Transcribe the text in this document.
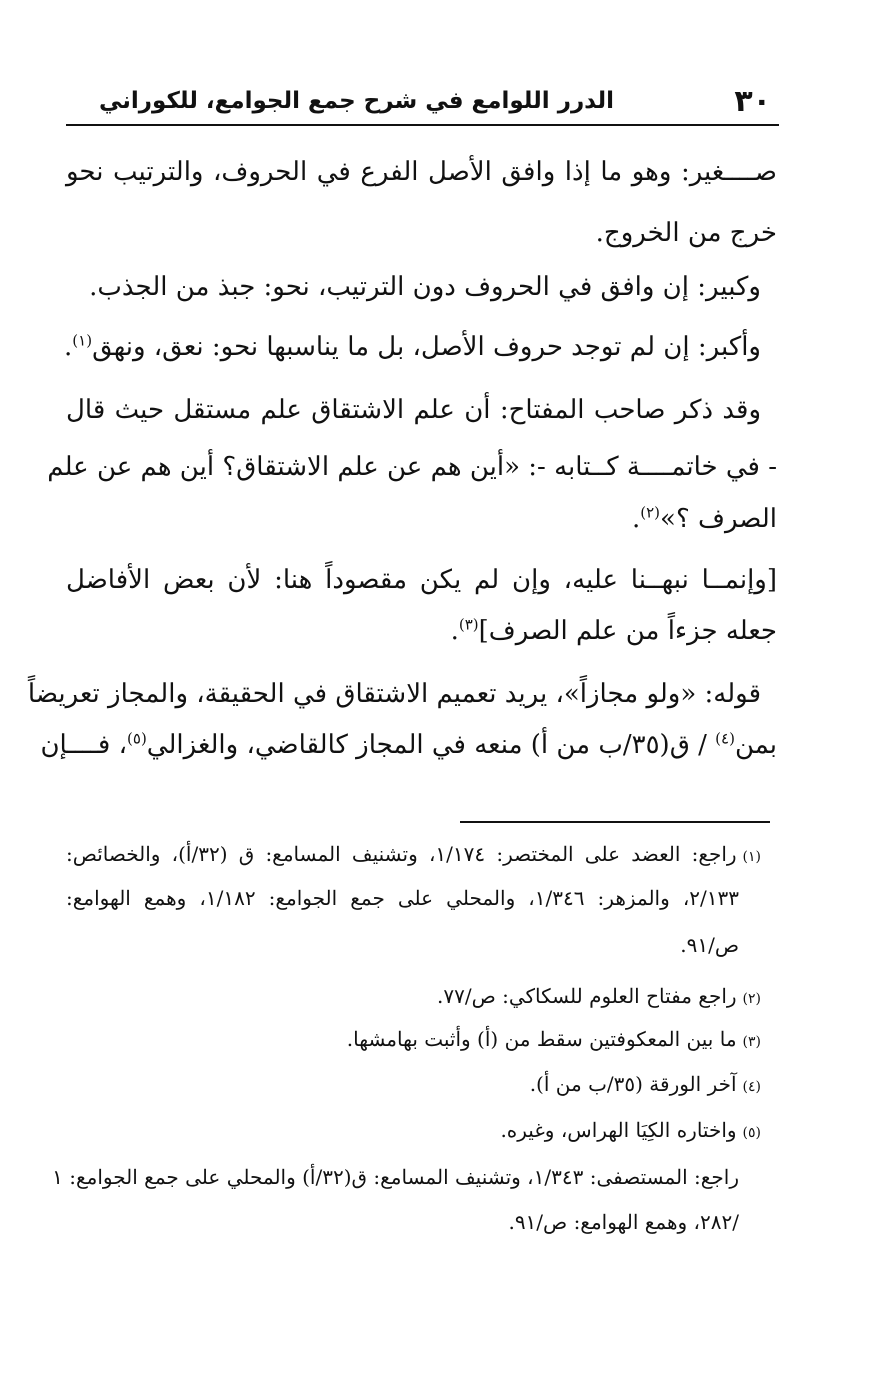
٣٠
الدرر اللوامع في شرح جمع الجوامع، للكوراني
صــــغير: وهو ما إذا وافق الأصل الفرع في الحروف، والترتيب نحو
خرج من الخروج.
وكبير: إن وافق في الحروف دون الترتيب، نحو: جبذ من الجذب.
وأكبر: إن لم توجد حروف الأصل، بل ما يناسبها نحو: نعق، ونهق$^{(١)}$.
وقد ذكر صاحب المفتاح: أن علم الاشتقاق علم مستقل حيث قال
- في خاتمــــة كــتابه -: «أين هم عن علم الاشتقاق؟ أين هم عن علم
الصرف ؟»$^{(٢)}$.
[وإنمــا نبهــنا عليه، وإن لم يكن مقصوداً هنا: لأن بعض الأفاضل
جعله جزءاً من علم الصرف]$^{(٣)}$.
قوله: «ولو مجازاً»، يريد تعميم الاشتقاق في الحقيقة، والمجاز تعريضاً
بمن$^{(٤)}$ / ق(٣٥/ب من أ) منعه في المجاز كالقاضي، والغزالي$^{(٥)}$، فــــإن
(١)راجع: العضد على المختصر: ١/١٧٤، وتشنيف المسامع: ق (٣٢/أ)، والخصائص:
٢/١٣٣، والمزهر: ١/٣٤٦، والمحلي على جمع الجوامع: ١/١٨٢، وهمع الهوامع:
ص/٩١.
(٢)راجع مفتاح العلوم للسكاكي: ص/٧٧.
(٣)ما بين المعكوفتين سقط من (أ) وأثبت بهامشها.
(٤)آخر الورقة (٣٥/ب من أ).
(٥)واختاره الكِيَا الهراس، وغيره.
راجع: المستصفى: ١/٣٤٣، وتشنيف المسامع: ق(٣٢/أ) والمحلي على جمع الجوامع: ١
/٢٨٢، وهمع الهوامع: ص/٩١.
